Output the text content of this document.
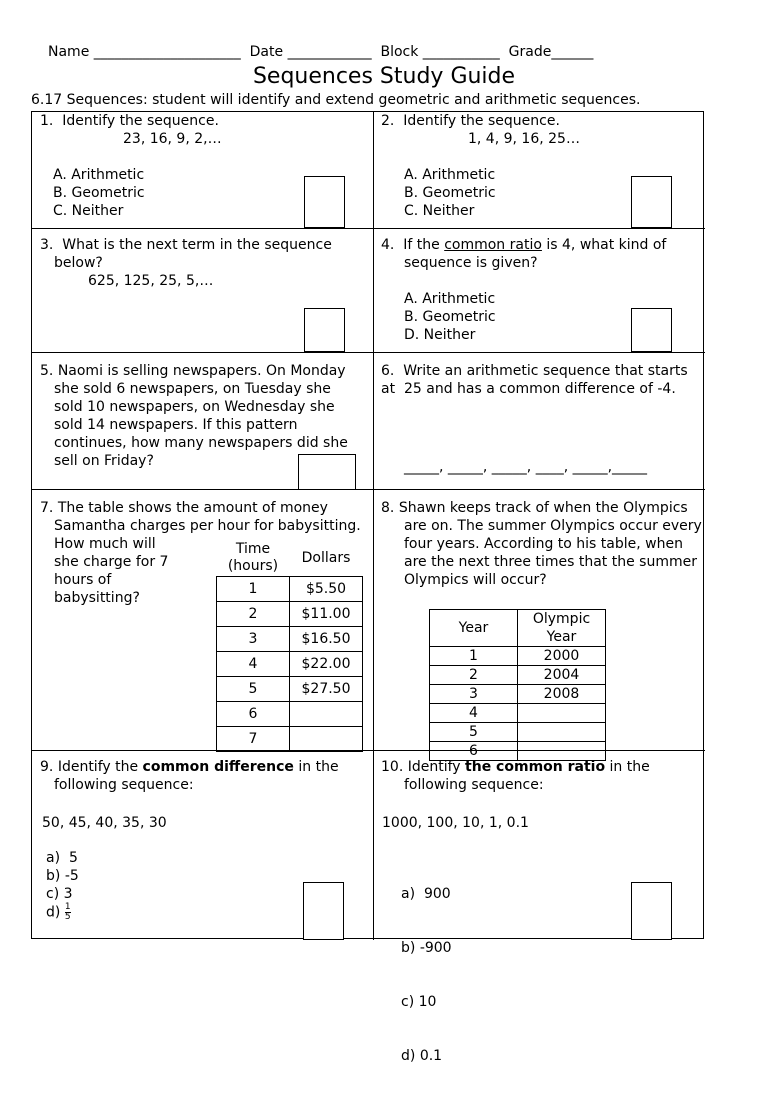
Name _____________________  Date ____________  Block ___________  Grade______
Sequences Study Guide
6.17 Sequences: student will identify and extend geometric and arithmetic sequences.
1. Identify the sequence.
23, 16, 9, 2,…
A. Arithmetic
B. Geometric
C. Neither
2. Identify the sequence.
1, 4, 9, 16, 25…
A. Arithmetic
B. Geometric
C. Neither
3.  What is the next term in the sequence
below?
625, 125, 25, 5,…
4.  If the common ratio is 4, what kind of
sequence is given?
A. Arithmetic
B. Geometric
D. Neither
5. Naomi is selling newspapers. On Monday
she sold 6 newspapers, on Tuesday she
sold 10 newspapers, on Wednesday she
sold 14 newspapers. If this pattern
continues, how many newspapers did she
sell on Friday?
6.  Write an arithmetic sequence that starts at 25 and has a common difference of -4.
_____, _____, _____, ____, _____,_____
7. The table shows the amount of money
Samantha charges per hour for babysitting.
How much will
she charge for 7
hours of
babysitting?
Time (hours)	Dollars
1	$5.50
2	$11.00
3	$16.50
4	$22.00
5	$27.50
6	
7	
8. Shawn keeps track of when the Olympics
are on. The summer Olympics occur every
four years. According to his table, when
are the next three times that the summer
Olympics will occur?
Year	Olympic Year
1	2000
2	2004
3	2008
4	
5	
6	
9. Identify the common difference in the
following sequence:
50, 45, 40, 35, 30
a) 5
b) -5
c) 3
$d) \frac{1}{5}$
10. Identify the common ratio in the
following sequence:
1000, 100, 10, 1, 0.1

a)  900

b) -900

c) 10

d) 0.1
